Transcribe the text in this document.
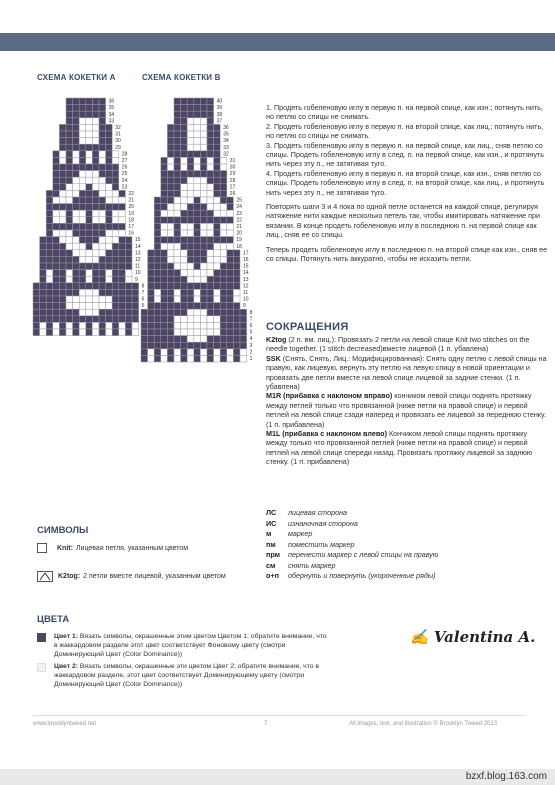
СХЕМА КОКЕТКИ A	СХЕМА КОКЕТКИ B
36
35
34
33
32
31
30
29
28
27
26
25
24
23
22
21
20
19
18
17
16
15
14
13
12
11
10
9
8
7
6
5
40
39
38
37
36
35
34
33
32
31
30
29
28
27
26
25
24
23
22
21
20
19
18
17
16
15
14
13
12
11
10
9
8
7
6
5
4
3
2
1

1. Продеть гобеленовую иглу в первую п. на первой спице, как изн.; потянуть нить, но петлю со спицы не снимать.

2. Продеть гобеленовую иглу в первую п. на второй спице, как лиц.; потянуть нить, но петлю со спицы не снимать.

3. Продеть гобеленовую иглу в первую п. на первой спице, как лиц., сняв петлю со спицы. Продеть гобеленовую иглу в след. п. на первой спице, как изн., и протянуть нить через эту п., не затягивая туго.

4. Продеть гобеленовую иглу в первую п. на второй спице, как изн., сняв петлю со спицы. Продеть гобеленовую иглу в след. п. на второй спице, как лиц., и протянуть нить через эту п., не затягивая туго.

Повторять шаги 3 и 4 пока по одной петле останется на каждой спице, регулируя натяжение нити каждые несколько петель так, чтобы имитировать натяжение при вязании. В конце продеть гобеленовую иглу в последнюю п. на первой спице как лиц., сняв ее со спицы.

Теперь продеть гобеленовую иглу в последнюю п. на второй спице как изн., сняв ее со спицы. Потянуть нить аккуратно, чтобы не исказить петли.

СОКРАЩЕНИЯ
K2tog (2 п. вм. лиц.): Провязать 2 петли на левой спице Knit two stitches on the needle together. (1 stitch decreased)вместе лицевой (1 п. убавлена)
SSK (Снять, Снять, Лиц.: Модифицированная): Снять одну петлю с левой спицы на правую, как лицевую, вернуть эту петлю на левую спицу в новой ориентации и провязать две петли вместе на левой спице лицевой за задние стенки. (1 п. убавлена)
M1R (прибавка с наклоном вправо) кончиком левой спицы поднять протяжку между петлей только что провязанной (ниже петли на правой спице) и первой петлей на левой спице сзади наперед и провязать ее лицевой за переднюю стенку. (1 п. прибавлена)
M1L (прибавка с наклоном влево) Кончиком левой спицы поднять протяжку между только что провязанной петлей (ниже петли на правой спице) и первой петлей на левой спице спереди назад. Провязать протяжку лицевой за заднюю стенку. (1 п. прибавлена)
ЛС	лицевая сторона
ИС	изнаночная сторона
м	маркер
пм	поместить маркер
прм	перенести маркер с левой спицы на правую
см	снять маркер
о+п	обернуть и повернуть (укороченные ряды)
СИМВОЛЫ
Knit: Лицевая петля, указанным цветом
K2tog: 2 петли вместе лицевой, указанным цветом
ЦВЕТА
Цвет 1: Вязать символы, окрашенные этим цветом Цветом 1; обратите внимание, что в жаккардовом разделе этот цвет соответствует Фоновому цвету (смотри Доминирующий Цвет (Color Dominance))
Цвет 2: Вязать символы, окрашенные эти цветом Цвет 2; обратите внимание, что в жаккардовом разделе, этот цвет соответствует Доминирующему цвету (смотри Доминирующий Цвет (Color Dominance))
✍ Valentina A.
www.brooklyntweed.net	7	All images, text, and illustration © Brooklyn Tweed 2013
bzxf.blog.163.com
